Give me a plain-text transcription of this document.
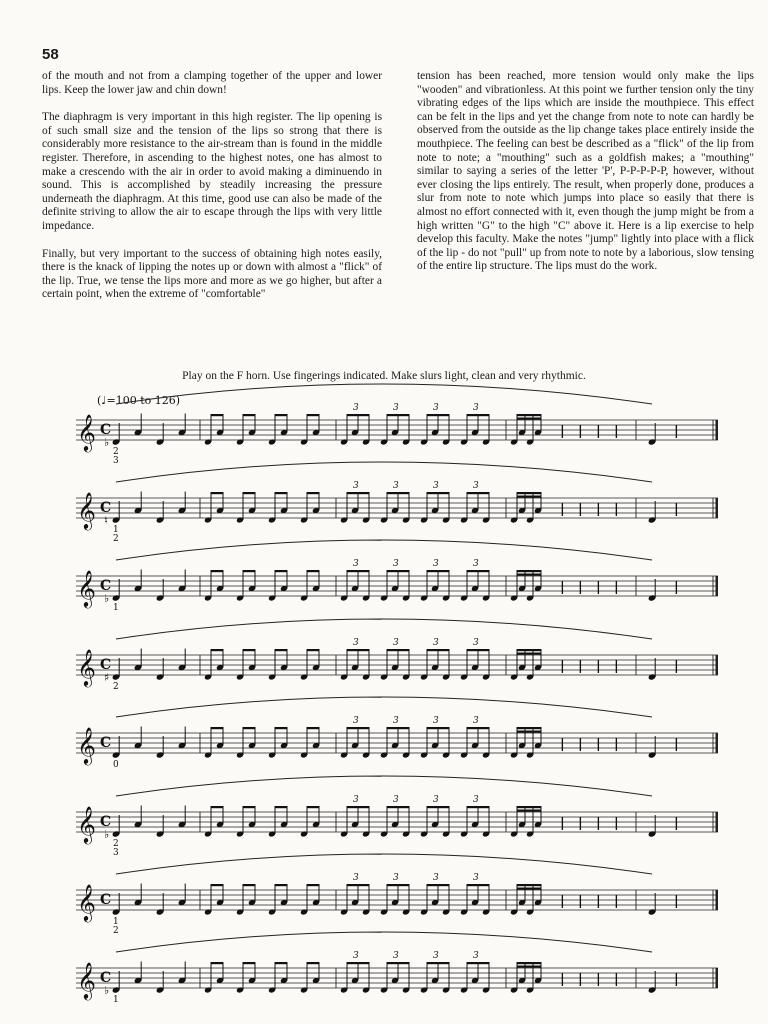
58

of the mouth and not from a clamping together of the upper and lower lips. Keep the lower jaw and chin down!

The diaphragm is very important in this high register. The lip opening is of such small size and the tension of the lips so strong that there is considerably more resistance to the air-stream than is found in the middle register. Therefore, in ascending to the highest notes, one has almost to make a crescendo with the air in order to avoid making a diminuendo in sound. This is accomplished by steadily increasing the pressure underneath the diaphragm. At this time, good use can also be made of the definite striving to allow the air to escape through the lips with very little impedance.

Finally, but very important to the success of obtaining high notes easily, there is the knack of lipping the notes up or down with almost a "flick" of the lip. True, we tense the lips more and more as we go higher, but after a certain point, when the extreme of "comfortable"

tension has been reached, more tension would only make the lips "wooden" and vibrationless. At this point we further tension only the tiny vibrating edges of the lips which are inside the mouthpiece. This effect can be felt in the lips and yet the change from note to note can hardly be observed from the outside as the lip change takes place entirely inside the mouthpiece. The feeling can best be described as a "flick" of the lip from note to note; a "mouthing" such as a goldfish makes; a "mouthing" similar to saying a series of the letter 'P', P-P-P-P-P, however, without ever closing the lips entirely. The result, when properly done, produces a slur from note to note which jumps into place so easily that there is almost no effort connected with it, even though the jump might be from a high written "G" to the high "C" above it. Here is a lip exercise to help develop this faculty. Make the notes "jump" lightly into place with a flick of the lip - do not "pull" up from note to note by a laborious, slow tensing of the entire lip structure. The lips must do the work.

Play on the F horn. Use fingerings indicated. Make slurs light, clean and very rhythmic.
(♩=100 to 126)
𝄞 C
♭
3	3	3	3
| | | |	|
2
3
𝄞 C
♮
3	3	3	3
| | | |	|
1
2
𝄞 C
♭
3	3	3	3
| | | |	|
1
𝄞 C
♯
3	3	3	3
| | | |	|
2
𝄞 C
3	3	3	3
| | | |	|
0
𝄞 C
♭
3	3	3	3
| | | |	|
2
3
𝄞 C
3	3	3	3
| | | |	|
1
2
𝄞 C
♭
3	3	3	3
| | | |	|
1
